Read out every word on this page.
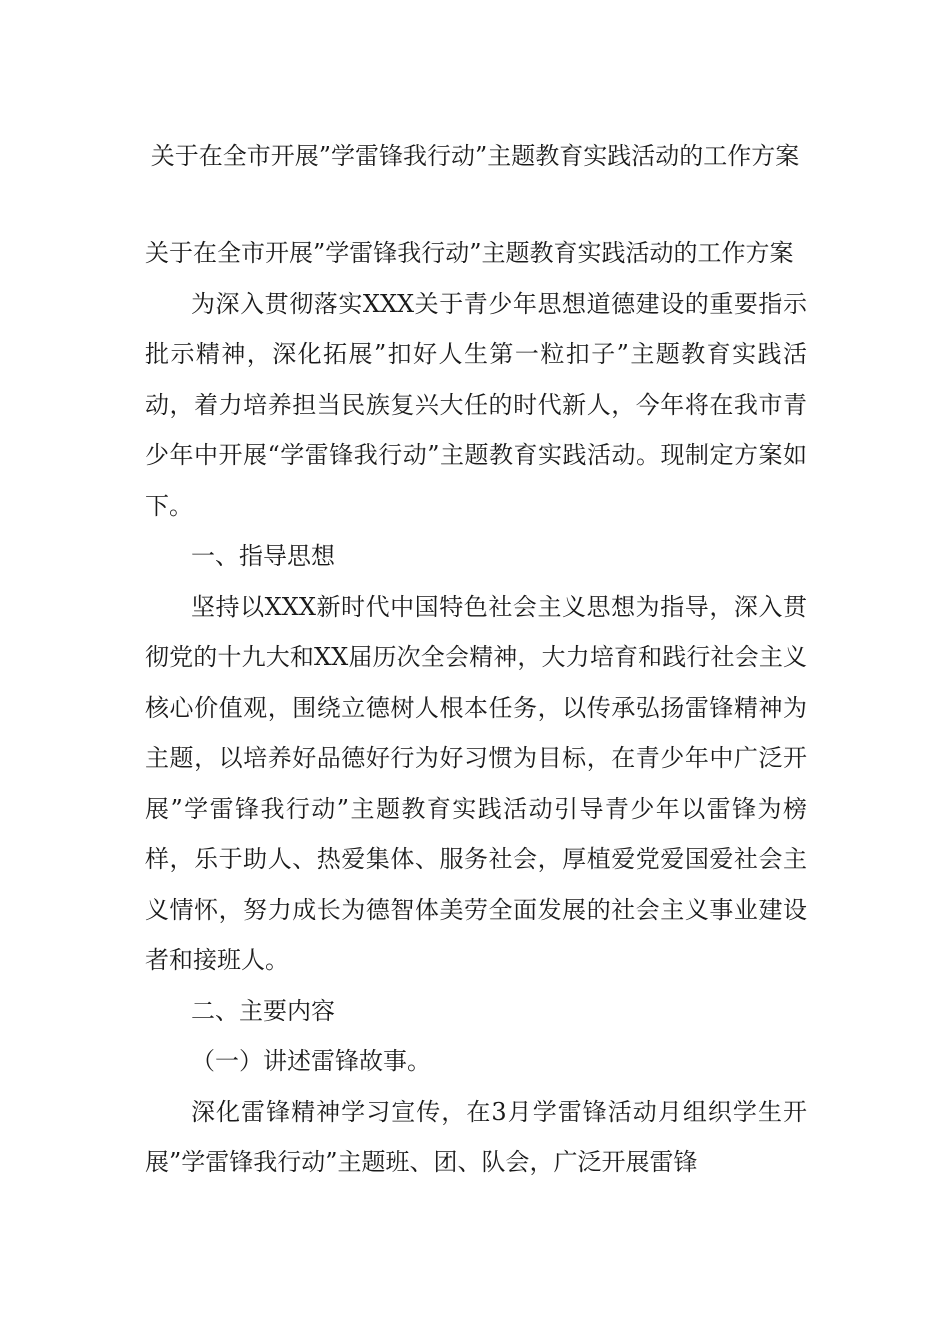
关于在全市开展”学雷锋我行动”主题教育实践活动的工作方案

关于在全市开展”学雷锋我行动”主题教育实践活动的工作方案

为深入贯彻落实XXX关于青少年思想道德建设的重要指示批示精神，深化拓展”扣好人生第一粒扣子”主题教育实践活动，着力培养担当民族复兴大任的时代新人，今年将在我市青少年中开展“学雷锋我行动”主题教育实践活动。现制定方案如下。

一、指导思想

坚持以XXX新时代中国特色社会主义思想为指导，深入贯彻党的十九大和XX届历次全会精神，大力培育和践行社会主义核心价值观，围绕立德树人根本任务，以传承弘扬雷锋精神为主题，以培养好品德好行为好习惯为目标，在青少年中广泛开展”学雷锋我行动”主题教育实践活动引导青少年以雷锋为榜样，乐于助人、热爱集体、服务社会，厚植爱党爱国爱社会主义情怀，努力成长为德智体美劳全面发展的社会主义事业建设者和接班人。

二、主要内容

（一）讲述雷锋故事。

深化雷锋精神学习宣传，在3月学雷锋活动月组织学生开展”学雷锋我行动”主题班、团、队会，广泛开展雷锋
